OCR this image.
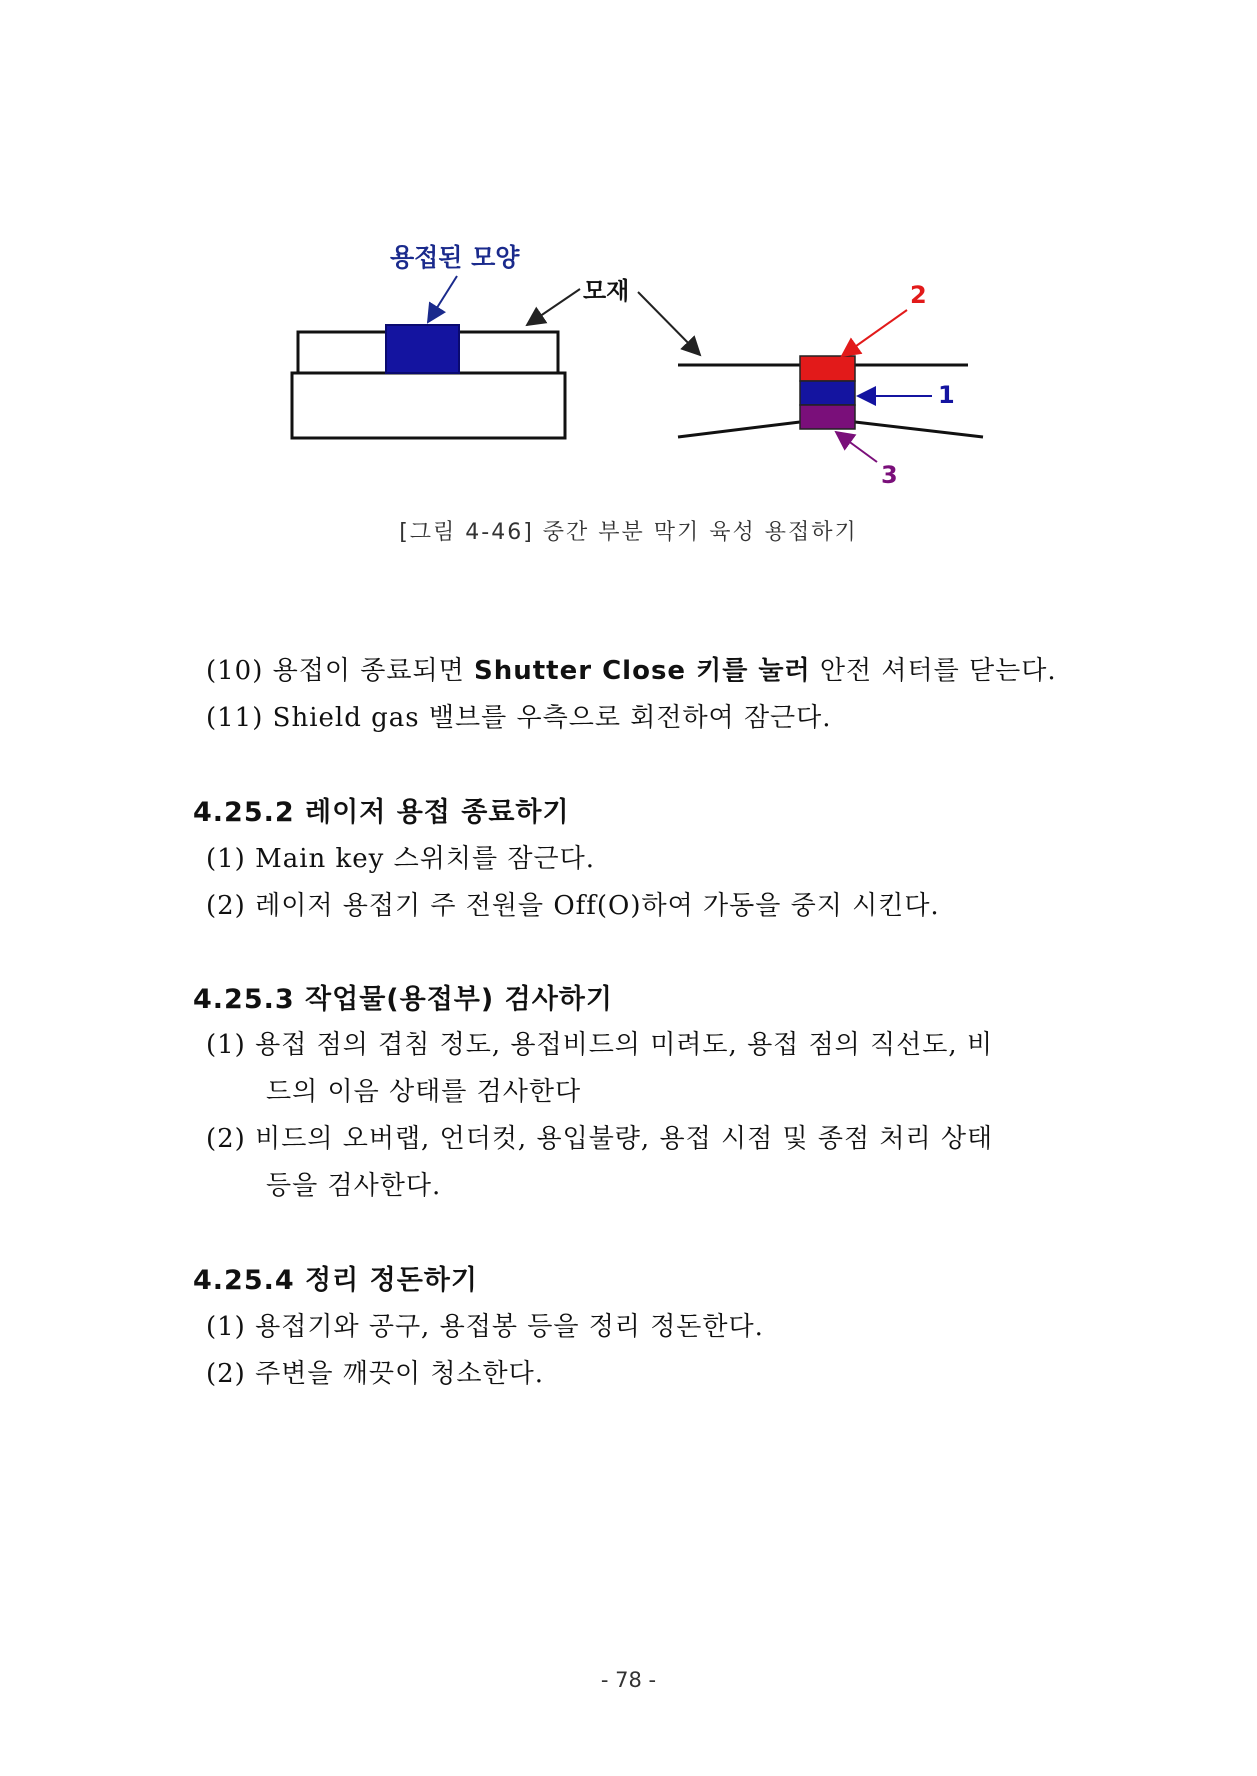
용접된 모양
모재	2
1
3
[그림 4-46] 중간 부분 막기 육성 용접하기
(10) 용접이 종료되면 Shutter Close 키를 눌러 안전 셔터를 닫는다.
(11) Shield gas 밸브를 우측으로 회전하여 잠근다.
4.25.2 레이저 용접 종료하기
(1) Main key 스위치를 잠근다.
(2) 레이저 용접기 주 전원을 Off(O)하여 가동을 중지 시킨다.
4.25.3 작업물(용접부) 검사하기
(1) 용접 점의 겹침 정도, 용접비드의 미려도, 용접 점의 직선도, 비
드의 이음 상태를 검사한다
(2) 비드의 오버랩, 언더컷, 용입불량, 용접 시점 및 종점 처리 상태
등을 검사한다.
4.25.4 정리 정돈하기
(1) 용접기와 공구, 용접봉 등을 정리 정돈한다.
(2) 주변을 깨끗이 청소한다.
- 78 -
